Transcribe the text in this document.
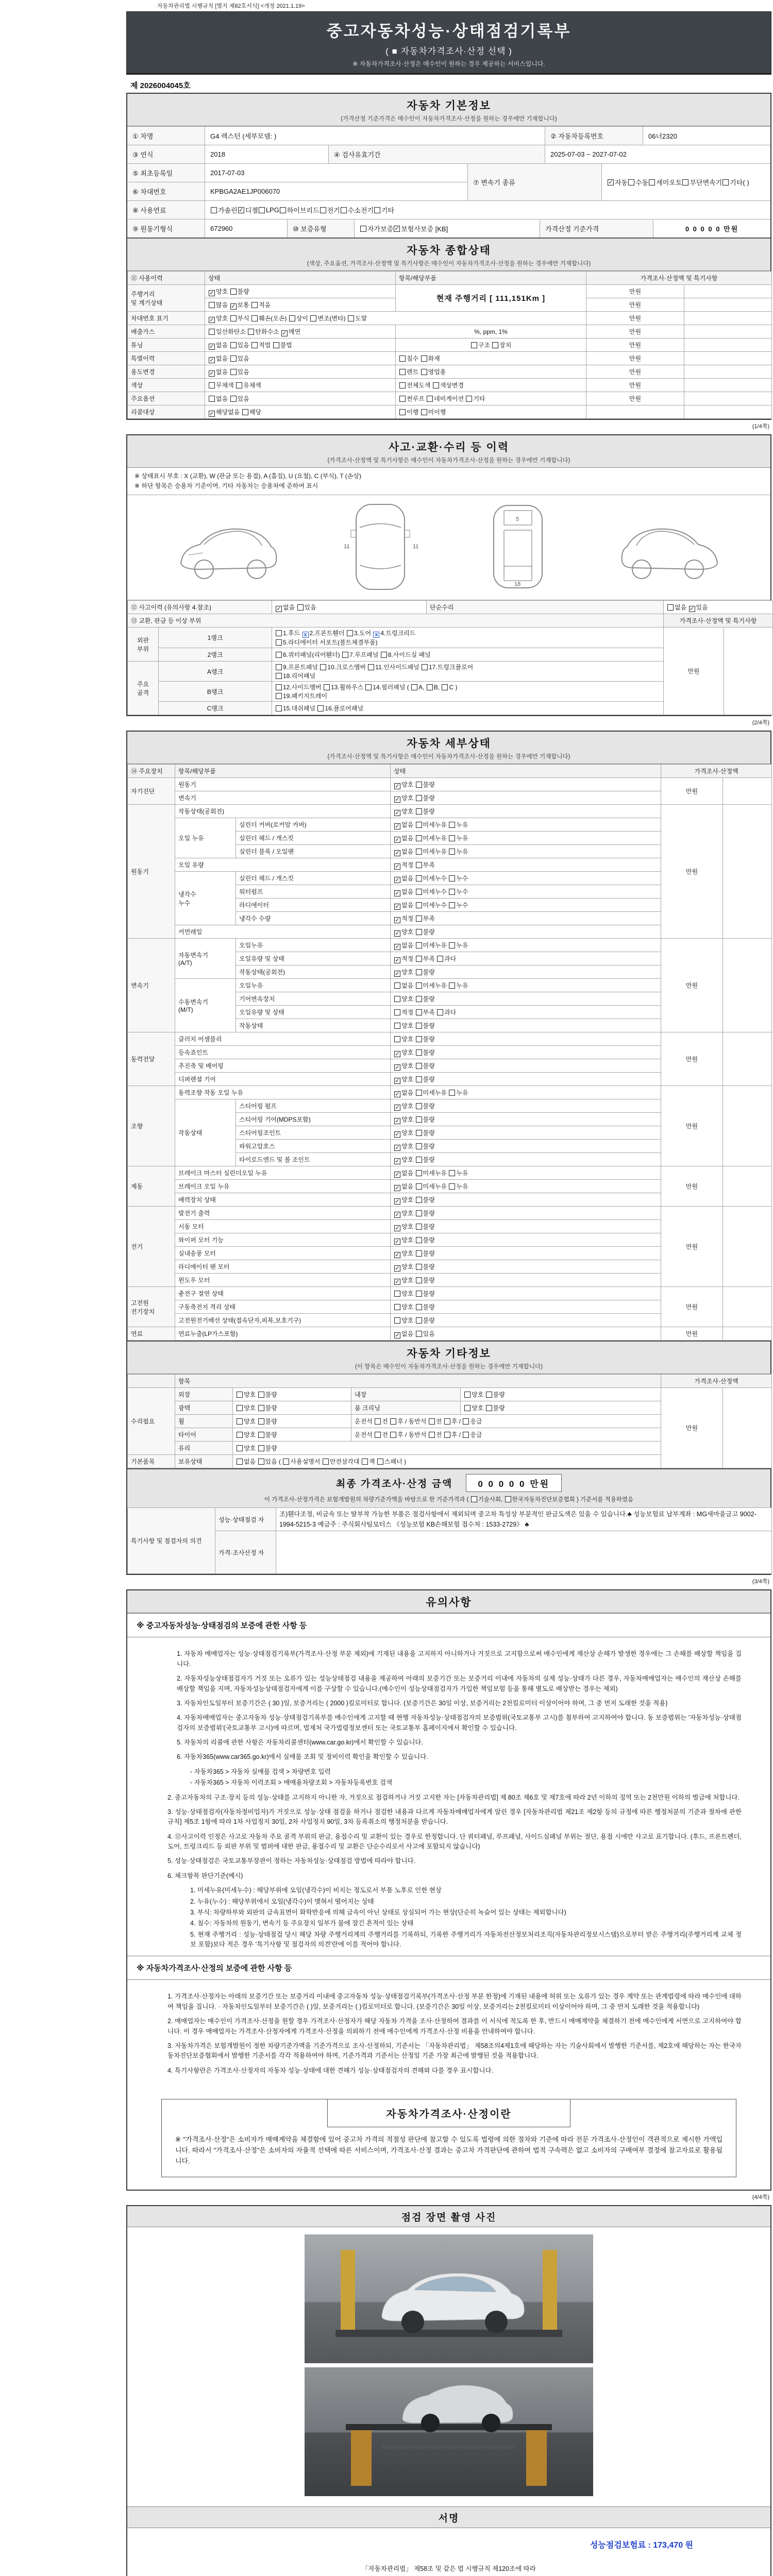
자동차관리법 시행규칙 [별지 제82호서식] <개정 2021.1.19>
중고자동차성능·상태점검기록부
( ■ 자동차가격조사·산정 선택 )
※ 자동차가격조사·산정은 매수인이 원하는 경우 제공하는 서비스입니다.
제 2026004045호
자동차 기본정보
(가격산정 기준가격은 매수인이 자동차가격조사·산정을 원하는 경우에만 기재합니다)
① 차명	G4 렉스턴 (세부모델: )	② 자동차등록번호	06너2320
③ 연식	2018	④ 검사유효기간	2025-07-03 ~ 2027-07-02
⑤ 최초등록일	2017-07-03
⑥ 차대번호	KPBGA2AE1JP006070
⑦ 변속기 종류	✓ 자동
수동
세미오토 무단변속기
기타( )
⑧ 사용연료	가솔린 ✓ 디젤
LPG
하이브리드
전기
수소전기
기타
⑨ 원동기형식	672960	⑩ 보증유형	자가보증 ✓ 보험사보증 [KB]	가격산정 기준가격	0 0 0 0 0 만원
자동차 종합상태
(색상, 주요옵션, 가격조사·산정액 및 특기사항은 매수인이 자동차가격조사·산정을 원하는 경우에만 기재합니다)
⑪ 사용이력	상태	항목/해당부품	가격조사·산정액 및 특기사항	
주행거리
및 계기상태	✓ 양호 불량	현재 주행거리 [ 111,151Km ]	만원	
	많음 ✓ 보통 적음		만원	
차대번호 표기	✓ 양호 부식 훼손(오손) 상이 변조(변타) 도말		만원	
배출가스	일산화탄소 탄화수소 ✓ 매연	%, ppm, 1%	만원	
튜닝	✓ 없음 있음 적법 불법	구조 장치	만원	
특별이력	✓ 없음 있음	침수 화재	만원	
용도변경	✓ 없음 있음	렌트 영업용	만원	
색상	무채색 유채색	전체도색 색상변경	만원	
주요옵션	없음 있음	썬루프 네비게이션 기타	만원	
리콜대상	✓ 해당없음 해당	이행 미이행		
(1/4쪽)
사고·교환·수리 등 이력
(가격조사·산정액 및 특기사항은 매수인이 자동차가격조사·산정을 원하는 경우에만 기재합니다)
※ 상태표시 부호 : X (교환), W (판금 또는 용접), A (흠집), U (요철), C (부식), T (손상)
※ 하단 항목은 승용차 기준이며, 기타 자동차는 승용차에 준하여 표시
11	11
5
18
⑫ 사고이력 (유의사항 4.참조)		✓ 없음 있음	단순수리	없음 ✓ 있음	
⑬ 교환, 판금 등 이상 부위				가격조사·산정액 및 특기사항	
외판
부위	1랭크	1.후드 x 2.프론트휀더 3.도어 x 4.트렁크리드
5.라디에이터 서포트(볼트체결부품)		만원	
	2랭크	6.쿼터패널(리어휀더) 7.루프패널 8.사이드실 패널			
주요
골격	A랭크	9.프론트패널 10.크로스멤버 11.인사이드패널 17.트렁크플로어
18.리어패널			
	B랭크	12.사이드멤버 13.휠하우스 14.필러패널 ( A, B, C )
19.패키지트레이			
	C랭크	15.대쉬패널 16.플로어패널			
(2/4쪽)
자동차 세부상태
(가격조사·산정액 및 특기사항은 매수인이 자동차가격조사·산정을 원하는 경우에만 기재합니다)
⑭ 주요장치	항목/해당부품		상태	가격조사·산정액	
자기진단	원동기		✓ 양호 불량	만원	
	변속기		✓ 양호 불량		
원동기	작동상태(공회전)		✓ 양호 불량	만원	
	오일 누유	실린더 커버(로커암 커버)	✓ 없음 미세누유 누유		
		실린더 헤드 / 개스킷	✓ 없음 미세누유 누유		
		실린더 블록 / 오일팬	✓ 없음 미세누유 누유		
	오일 유량		✓ 적정 부족		
	냉각수
누수	실린더 헤드 / 개스킷	✓ 없음 미세누수 누수		
		워터펌프	✓ 없음 미세누수 누수		
		라디에이터	✓ 없음 미세누수 누수		
		냉각수 수량	✓ 적정 부족		
	커먼레일		✓ 양호 불량		
변속기	자동변속기
(A/T)	오일누유	✓ 없음 미세누유 누유	만원	
		오일유량 및 상태	✓ 적정 부족 과다		
		작동상태(공회전)	✓ 양호 불량		
	수동변속기
(M/T)	오일누유	없음 미세누유 누유		
		기어변속장치	양호 불량		
		오일유량 및 상태	적정 부족 과다		
		작동상태	양호 불량		
동력전달	클러치 어셈블리		양호 불량	만원	
	등속죠인트		✓ 양호 불량		
	추진축 및 베어링		✓ 양호 불량		
	디퍼렌셜 기어		✓ 양호 불량		
조향	동력조향 작동 오일 누유		✓ 없음 미세누유 누유	만원	
	작동상태	스티어링 펌프	✓ 양호 불량		
		스티어링 기어(MDPS포함)	✓ 양호 불량		
		스티어링조인트	✓ 양호 불량		
		파워고압호스	✓ 양호 불량		
		타이로드엔드 및 볼 조인트	✓ 양호 불량		
제동	브레이크 마스터 실린더오일 누유		✓ 없음 미세누유 누유	만원	
	브레이크 오일 누유		✓ 없음 미세누유 누유		
	배력장치 상태		✓ 양호 불량		
전기	발전기 출력		✓ 양호 불량	만원	
	시동 모터		✓ 양호 불량		
	와이퍼 모터 기능		✓ 양호 불량		
	실내송풍 모터		✓ 양호 불량		
	라디에이터 팬 모터		✓ 양호 불량		
	윈도우 모터		✓ 양호 불량		
고전원
전기장치	충전구 절연 상태		양호 불량	만원	
	구동축전지 격리 상태		양호 불량		
	고전원전기배선 상태(접속단자,피복,보호기구)		양호 불량		
연료	연료누출(LP가스포함)		✓ 없음 있음	만원	
자동차 기타정보
(이 항목은 매수인이 자동차가격조사·산정을 원하는 경우에만 기재합니다)
	항목				가격조사·산정액	
수리필요	외장	양호 불량	내장	양호 불량	만원	
	광택	양호 불량	룸 크리닝	양호 불량		
	휠	양호 불량	운전석 전 후 / 동반석 전 후 / 응급			
	타이어	양호 불량	운전석 전 후 / 동반석 전 후 / 응급			
	유리	양호 불량				
기본품목	보유상태	없음 있음 ( 사용설명서 안전삼각대 잭 스패너 )				
최종 가격조사·산정 금액	0 0 0 0 0 만원
이 가격조사·산정가격은 보험개발원의 차량기준가액을 바탕으로 한 기준가격과 ( 기술사회, 한국자동차진단보증협회 ) 기준서를 적용하였음
특기사항 및 점검자의 의견	성능·상태점검 자	조)휀다조정, 비금속 또는 탈부착 가능한 부품은 점검사항에서 제외되며 중고차 특성상 부분적인 판금도색은 있을 수 있습니다.♣ 성능보험료 납부계좌 : MG새마을금고 9002-1994-5215-3 예금주 : 주식회사팀모터스 《성능보험 KB손해보험 접수처 : 1533-2729》 ♣
	가격·조사산정 자	
(3/4쪽)
유의사항
※ 중고자동차성능·상태점검의 보증에 관한 사항 등

1. 자동차 매매업자는 성능·상태점검기록부(가격조사·산정 부분 제외)에 기재된 내용을 고지하지 아니하거나 거짓으로 고지함으로써 매수인에게 재산상 손해가 발생한 경우에는 그 손해를 배상할 책임을 집니다.

2. 자동차성능상태점검자가 거짓 또는 오류가 있는 성능상태점검 내용을 제공하여 아래의 보증기간 또는 보증거리 이내에 자동차의 실제 성능·상태가 다른 경우, 자동차매매업자는 매수인의 재산상 손해를 배상할 책임을 지며, 자동차성능상태점검자에게 이를 구상할 수 있습니다.(매수인이 성능상태점검자가 가입한 책임보험 등을 통해 별도로 배상받는 경우는 제외)

3. 자동차인도일부터 보증기간은 ( 30 )일, 보증거리는 ( 2000 )킬로미터로 합니다. (보증기간은 30일 이상, 보증거리는 2천킬로미터 이상이어야 하며, 그 중 먼저 도래한 것을 적용)

4. 자동차매매업자는 중고자동차 성능·상태점검기록부를 매수인에게 고지할 때 현행 자동차성능·상태점검자의 보증범위(국토교통부 고시)를 첨부하여 고지하여야 합니다. 동 보증범위는 '자동차성능·상태점검자의 보증범위'(국토교통부 고시)에 따르며, 법제처 국가법령정보센터 또는 국토교통부 홈페이지에서 확인할 수 있습니다.

5. 자동차의 리콜에 관한 사항은 자동차리콜센터(www.car.go.kr)에서 확인할 수 있습니다.

6. 자동차365(www.car365.go.kr)에서 실매물 조회 및 정비이력 확인을 확인할 수 있습니다.

- 자동차365 > 자동차 실매물 검색 > 차량번호 입력

- 자동차365 > 자동차 이력조회 > 매매용차량조회 > 자동차등록번호 검색

2. 중고자동차의 구조·장치 등의 성능·상태를 고지하지 아니한 자, 거짓으로 점검하거나 거짓 고지한 자는 [자동차관리법] 제 80조 제6호 및 제7호에 따라 2년 이하의 징역 또는 2천만원 이하의 벌금에 처합니다.

3. 성능·상태점검자(자동차정비업자)가 거짓으로 성능·상태 점검을 하거나 점검한 내용과 다르게 자동차매매업자에게 알린 경우 [자동차관리법 제21조 제2항 등의 규정에 따른 행정처분의 기준과 절차에 관한 규칙] 제5조 1항에 따라 1차 사업정지 30일, 2차 사업정지 90일, 3차 등록취소의 행정처분을 받습니다.

4. ⑫사고이력 인정은 사고로 자동차 주요 골격 부위의 판금, 용접수리 및 교환이 있는 경우로 한정합니다. 단 쿼터패널, 루프패널, 사이드실패널 부위는 절단, 용접 시에만 사고로 표기합니다. (후드, 프론트펜더, 도어, 트렁크리드 등 외판 부위 및 범퍼에 대한 판금, 용접수리 및 교환은 단순수리로서 사고에 포함되지 않습니다)

5. 성능·상태점검은 국토교통부장관이 정하는 자동차성능·상태점검 방법에 따라야 합니다.

6. 체크항목 판단기준(예시)

1. 미세누유(미세누수) : 해당부위에 오일(냉각수)이 비치는 정도로서 부품 노후로 인한 현상

2. 누유(누수) : 해당부위에서 오일(냉각수)이 맺혀서 떨어지는 상태

3. 부식: 차량하부와 외판의 금속표면이 화학반응에 의해 금속이 아닌 상태로 상실되어 가는 현상(단순히 녹슬어 있는 상태는 제외합니다)

4. 침수: 자동차의 원동기, 변속기 등 주요장치 일부가 물에 잠긴 흔적이 있는 상태

5. 현재 주행거리 : 성능·상태점검 당시 해당 차량 주행거리계의 주행거리를 기록하되, 기록한 주행거리가 자동차전산정보처리조직(자동차관리정보시스템)으로부터 받은 주행거리(주행거리계 교체 정보 포함)보다 적은 경우 '특기사항 및 점검자의 의견'란에 이를 적어야 합니다.

※ 자동차가격조사·산정의 보증에 관한 사항 등

1. 가격조사·산정자는 아래의 보증기간 또는 보증거리 이내에 중고자동차 성능·상태점검기록부(가격조사·산정 부분 한정)에 기재된 내용에 허위 또는 오류가 있는 경우 계약 또는 관계법령에 따라 매수인에 대하여 책임을 집니다. · 자동차인도일부터 보증기간은 ( )일, 보증거리는 ( )킬로미터로 합니다. (보증기간은 30일 이상, 보증거리는 2천킬로미터 이상이어야 하며, 그 중 먼저 도래한 것을 적용합니다)

2. 매매업자는 매수인이 가격조사·산정을 원할 경우 가격조사·산정자가 해당 자동차 가격을 조사·산정하여 결과를 이 서식에 적도록 한 후, 반드시 매매계약을 체결하기 전에 매수인에게 서면으로 고지하여야 합니다. 이 경우 매매업자는 가격조사·산정자에게 가격조사·산정을 의뢰하기 전에 매수인에게 가격조사·산정 비용을 안내하여야 합니다.

3. 자동차가격은 보험개발원이 정한 차량기준가액을 기준가격으로 조사·산정하되, 기준서는 「자동차관리법」 제58조의4제1호에 해당하는 자는 기술사회에서 발행한 기준서를, 제2호에 해당하는 자는 한국자동차진단보증협회에서 발행한 기준서를 각각 적용하여야 하며, 기준가격과 기준서는 산정일 기준 가장 최근에 발행된 것을 적용합니다.

4. 특기사항란은 가격조사·산정자의 자동차 성능·상태에 대한 견해가 성능·상태점검자의 견해와 다를 경우 표시합니다.

자동차가격조사·산정이란
※ "가격조사·산정"은 소비자가 매매계약을 체결함에 있어 중고차 가격의 적절성 판단에 참고할 수 있도록 법령에 의한 절차와 기준에 따라 전문 가격조사·산정인이 객관적으로 제시한 가액입니다. 따라서 "가격조사·산정"은 소비자의 자율적 선택에 따른 서비스이며, 가격조사·산정 결과는 중고차 가격판단에 관하여 법적 구속력은 없고 소비자의 구매여부 결정에 참고자료로 활용됩니다.
(4/4쪽)
점검 장면 촬영 사진
서명
성능점검보험료 : 173,470 원
「자동차관리법」 제58조 및 같은 법 시행규칙 제120조에 따라
